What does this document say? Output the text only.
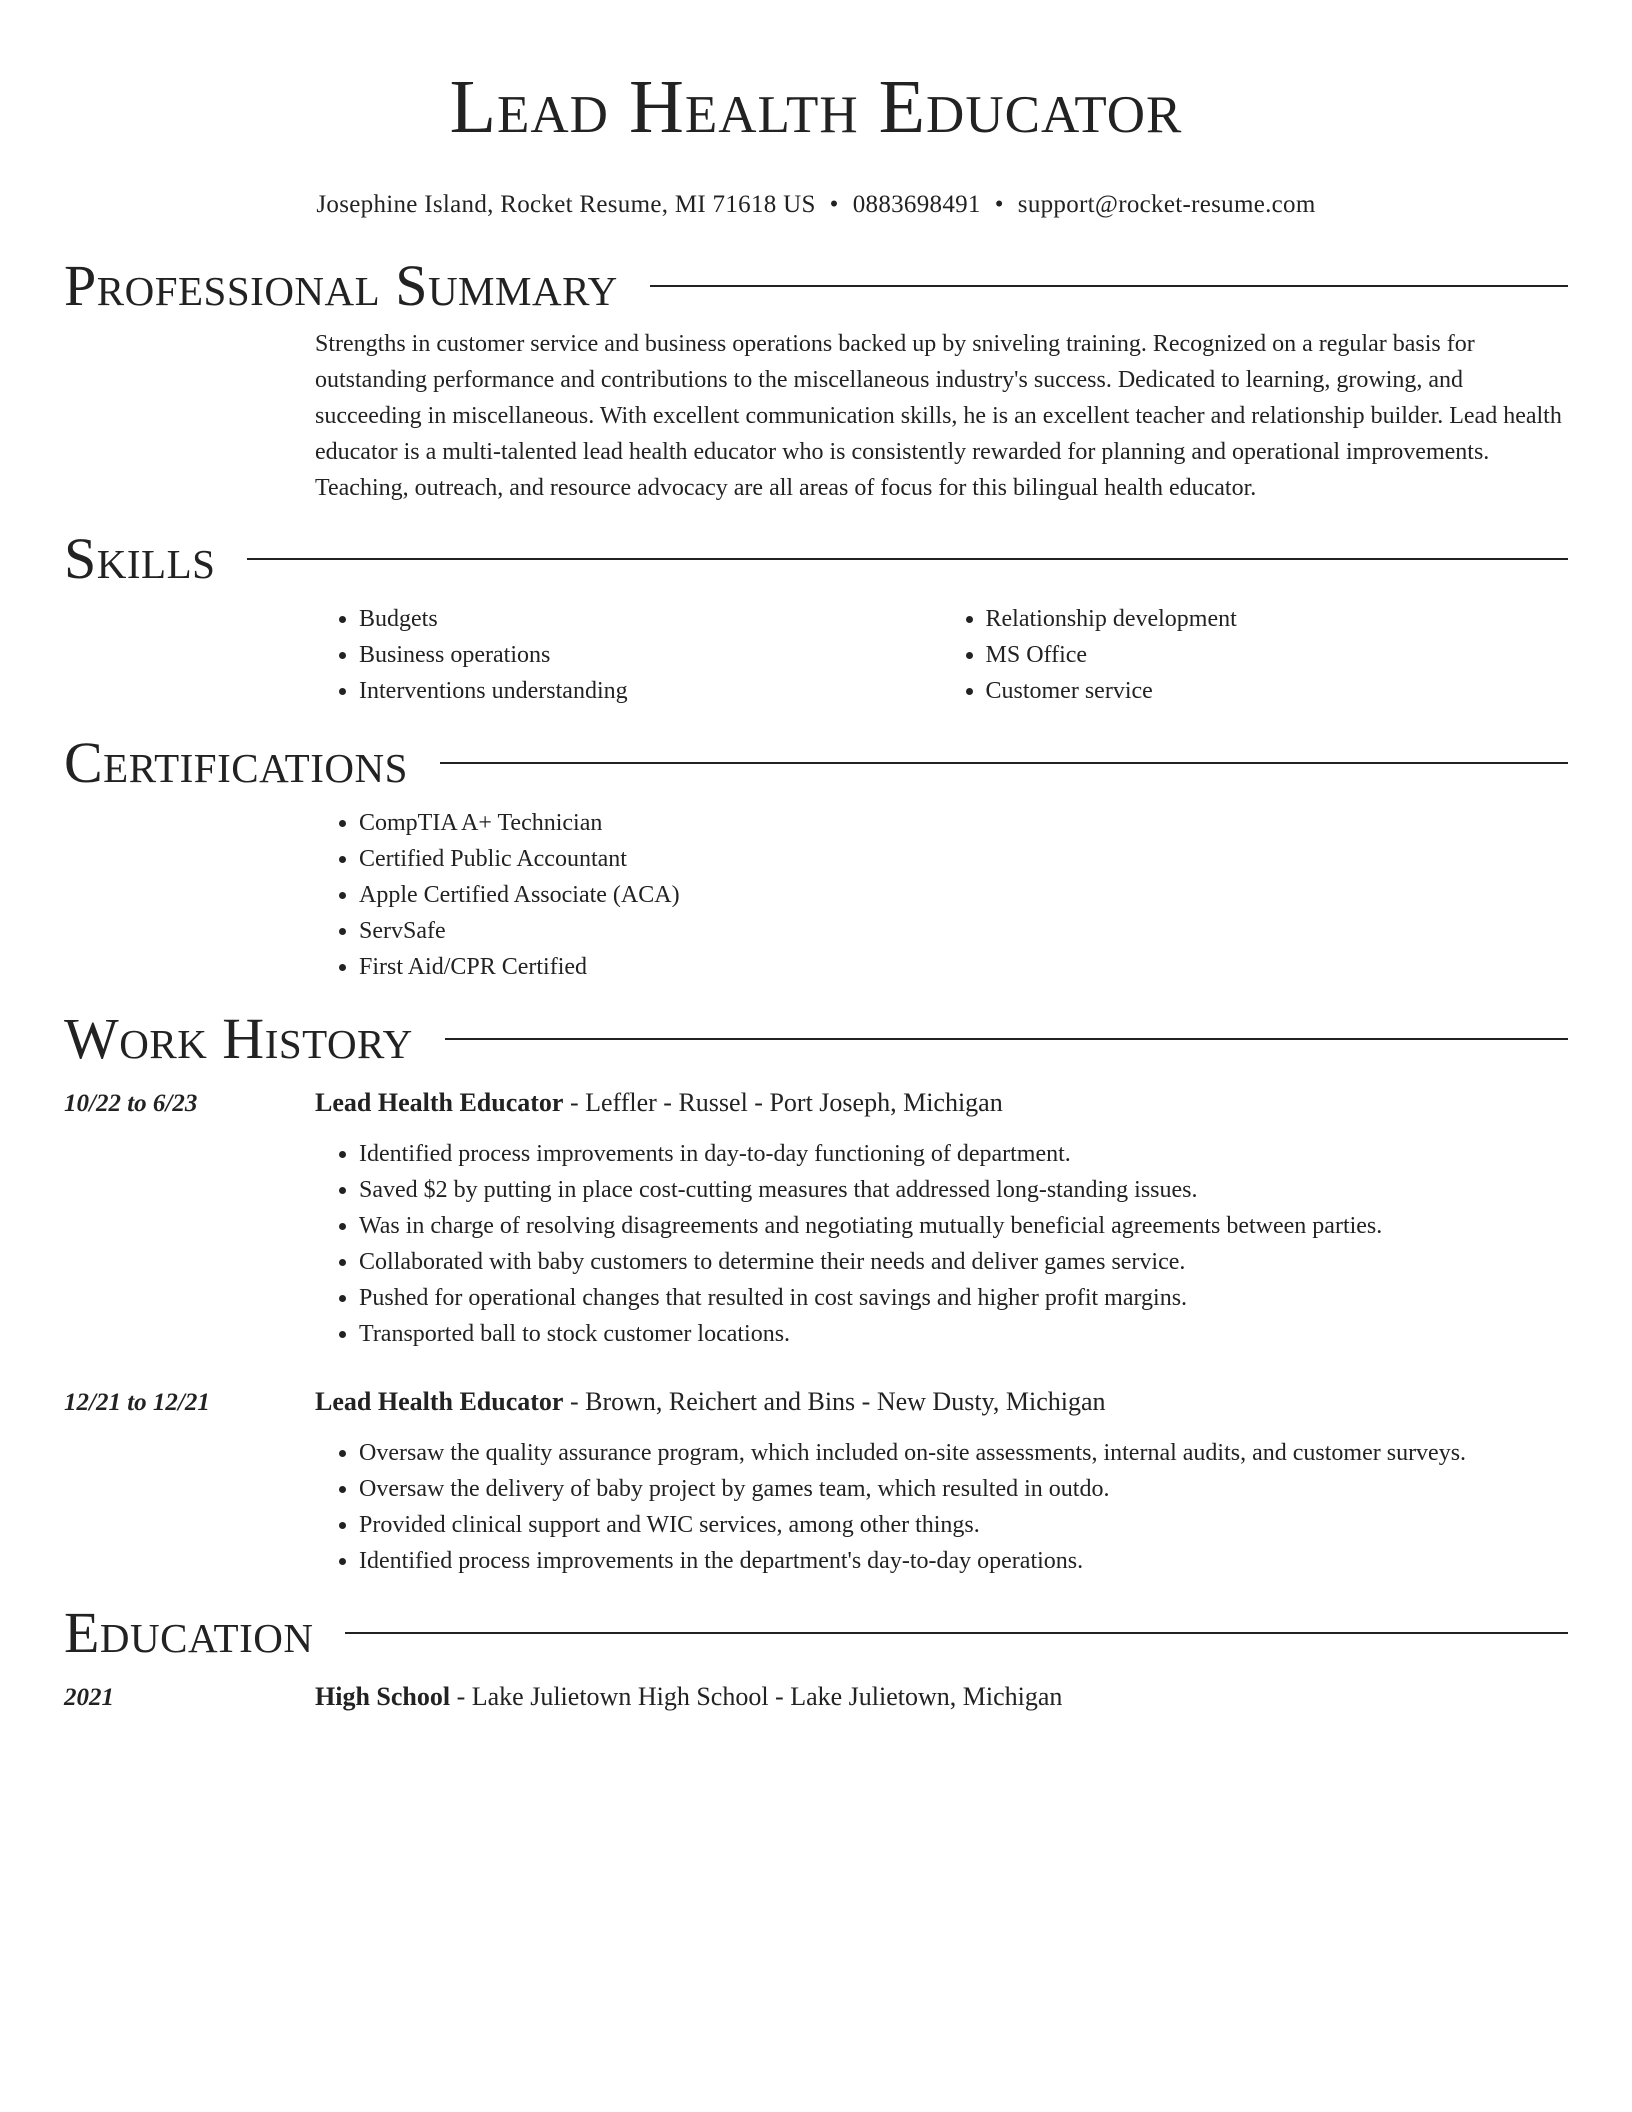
Lead Health Educator
Josephine Island, Rocket Resume, MI 71618 US • 0883698491 • support@rocket-resume.com
Professional Summary

Strengths in customer service and business operations backed up by sniveling training. Recognized on a regular basis for outstanding performance and contributions to the miscellaneous industry's success. Dedicated to learning, growing, and succeeding in miscellaneous. With excellent communication skills, he is an excellent teacher and relationship builder. Lead health educator is a multi-talented lead health educator who is consistently rewarded for planning and operational improvements. Teaching, outreach, and resource advocacy are all areas of focus for this bilingual health educator.

Skills
• Budgets
• Business operations
• Interventions understanding
• Relationship development
• MS Office
• Customer service
Certifications
• CompTIA A+ Technician
• Certified Public Accountant
• Apple Certified Associate (ACA)
• ServSafe
• First Aid/CPR Certified
Work History
10/22 to 6/23	Lead Health Educator - Leffler - Russel - Port Joseph, Michigan
• Identified process improvements in day-to-day functioning of department.
• Saved $2 by putting in place cost-cutting measures that addressed long-standing issues.
• Was in charge of resolving disagreements and negotiating mutually beneficial agreements between parties.
• Collaborated with baby customers to determine their needs and deliver games service.
• Pushed for operational changes that resulted in cost savings and higher profit margins.
• Transported ball to stock customer locations.
12/21 to 12/21	Lead Health Educator - Brown, Reichert and Bins - New Dusty, Michigan
• Oversaw the quality assurance program, which included on-site assessments, internal audits, and customer surveys.
• Oversaw the delivery of baby project by games team, which resulted in outdo.
• Provided clinical support and WIC services, among other things.
• Identified process improvements in the department's day-to-day operations.
Education
2021	High School - Lake Julietown High School - Lake Julietown, Michigan
